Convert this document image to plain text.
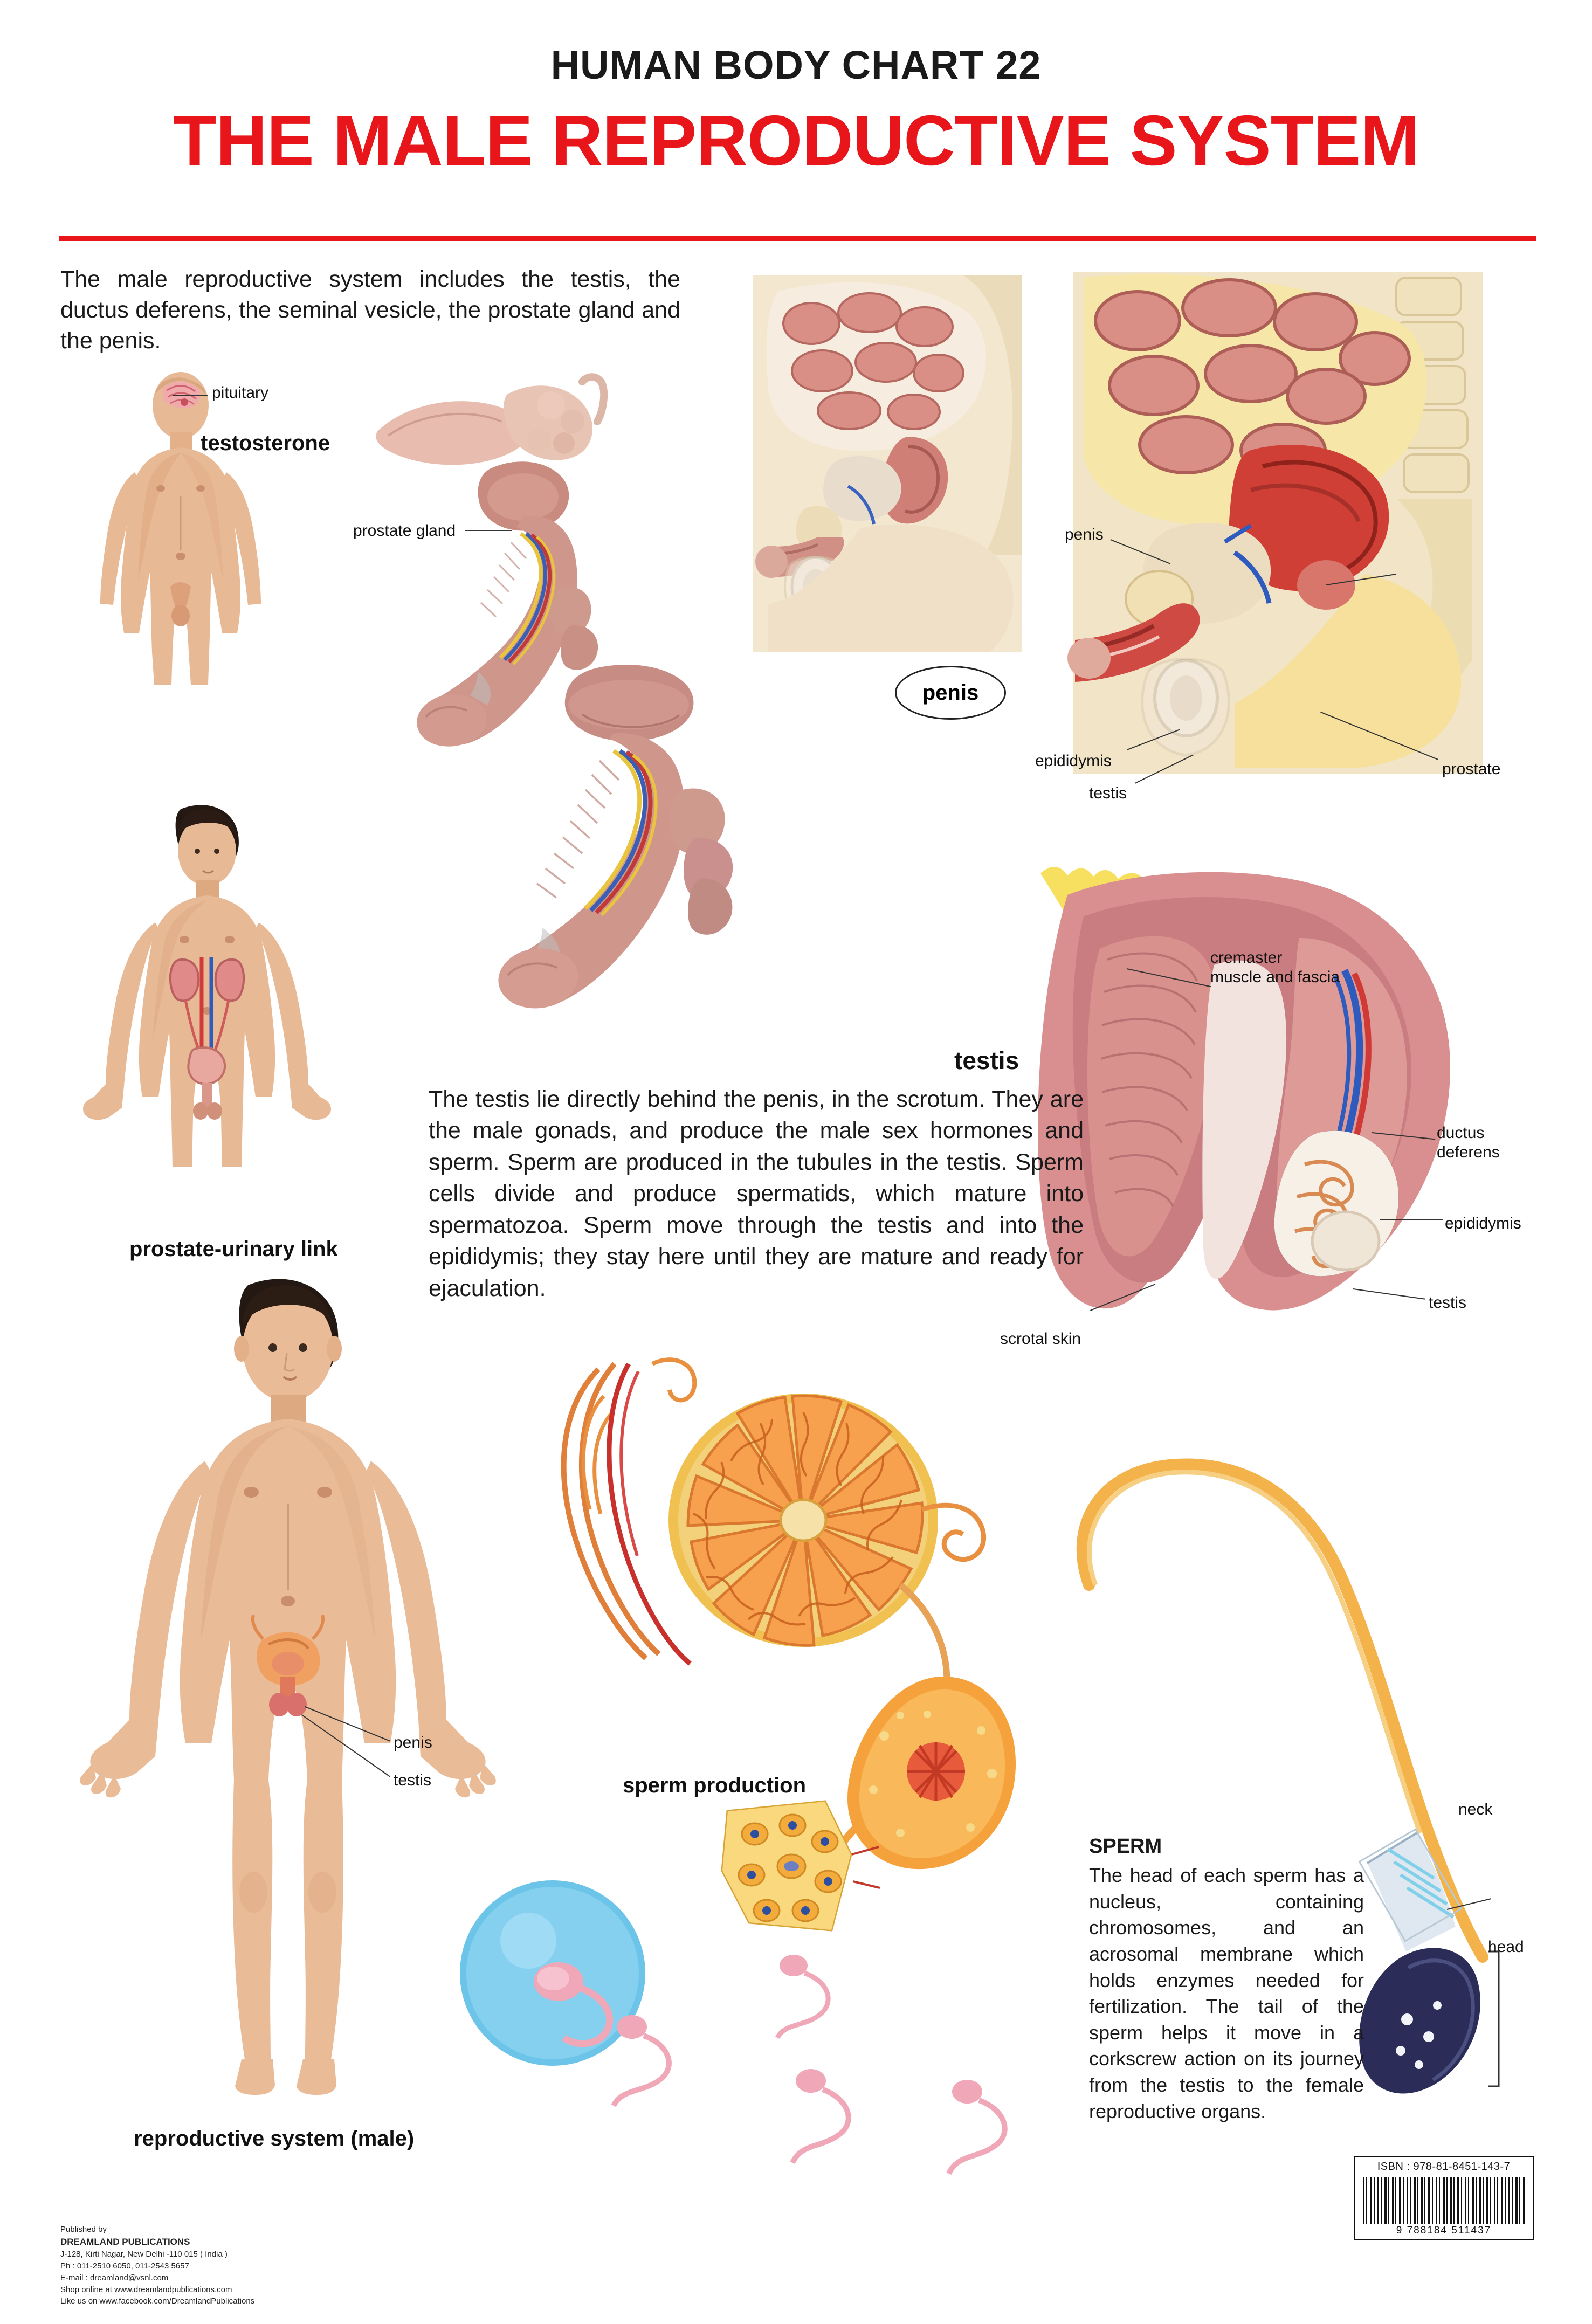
HUMAN BODY CHART 22
THE MALE REPRODUCTIVE SYSTEM
The male reproductive system includes the testis, the ductus deferens, the seminal vesicle, the prostate gland and the penis.
pituitary
testosterone
prostate gland
penis
penis
epididymis
testis
prostate
cremaster
muscle and fascia
ductus
deferens
epididymis
testis
scrotal skin
testis
The testis lie directly behind the penis, in the scrotum. They are the male gonads, and produce the male sex hormones and sperm. Sperm are produced in the tubules in the testis. Sperm cells divide and produce spermatids, which mature into spermatozoa. Sperm move through the testis and into the epididymis; they stay here until they are mature and ready for ejaculation.
prostate-urinary link
penis
testis
reproductive system (male)
sperm production
neck
head
SPERM
The head of each sperm has a nucleus, containing chromosomes, and an acrosomal membrane which holds enzymes needed for fertilization. The tail of the sperm helps it move in a corkscrew action on its journey from the testis to the female reproductive organs.
Published by
DREAMLAND PUBLICATIONS
J-128, Kirti Nagar, New Delhi -110 015 ( India )
Ph : 011-2510 6050, 011-2543 5657
E-mail : dreamland@vsnl.com
Shop online at www.dreamlandpublications.com
Like us on www.facebook.com/DreamlandPublications
ISBN : 978-81-8451-143-7
9 788184 511437
